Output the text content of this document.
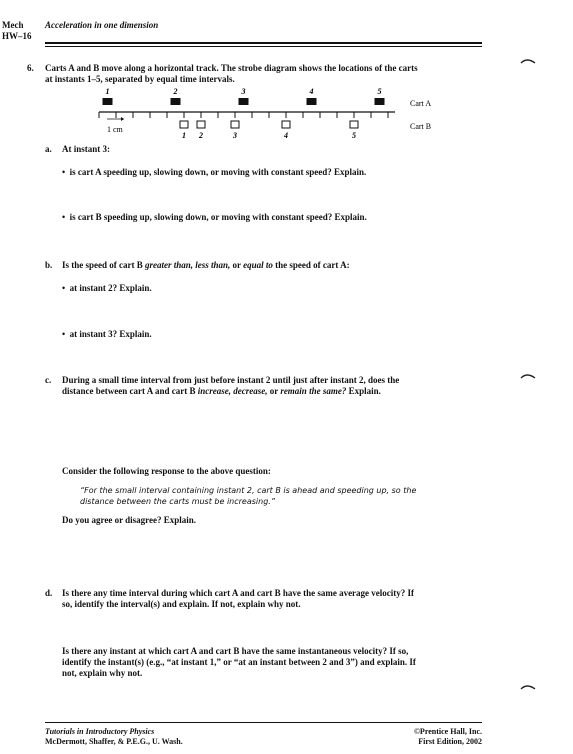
Mech
HW–16
Acceleration in one dimension
6. Carts A and B move along a horizontal track. The strobe diagram shows the locations of the carts
at instants 1–5, separated by equal time intervals.
1	2	3	4	5
1 2	3	4	5
Cart A
Cart B
1 cm
a. At instant 3:
•  is cart A speeding up, slowing down, or moving with constant speed? Explain.
•  is cart B speeding up, slowing down, or moving with constant speed? Explain.
b. Is the speed of cart B greater than, less than, or equal to the speed of cart A:
•  at instant 2? Explain.
•  at instant 3? Explain.
c. During a small time interval from just before instant 2 until just after instant 2, does the
distance between cart A and cart B increase, decrease, or remain the same? Explain.
Consider the following response to the above question:
“For the small interval containing instant 2, cart B is ahead and speeding up, so the
distance between the carts must be increasing.”
Do you agree or disagree? Explain.
d. Is there any time interval during which cart A and cart B have the same average velocity? If
so, identify the interval(s) and explain. If not, explain why not.
Is there any instant at which cart A and cart B have the same instantaneous velocity? If so,
identify the instant(s) (e.g., “at instant 1,” or “at an instant between 2 and 3”) and explain. If
not, explain why not.
Tutorials in Introductory Physics
McDermott, Shaffer, & P.E.G., U. Wash.
©Prentice Hall, Inc.
First Edition, 2002
